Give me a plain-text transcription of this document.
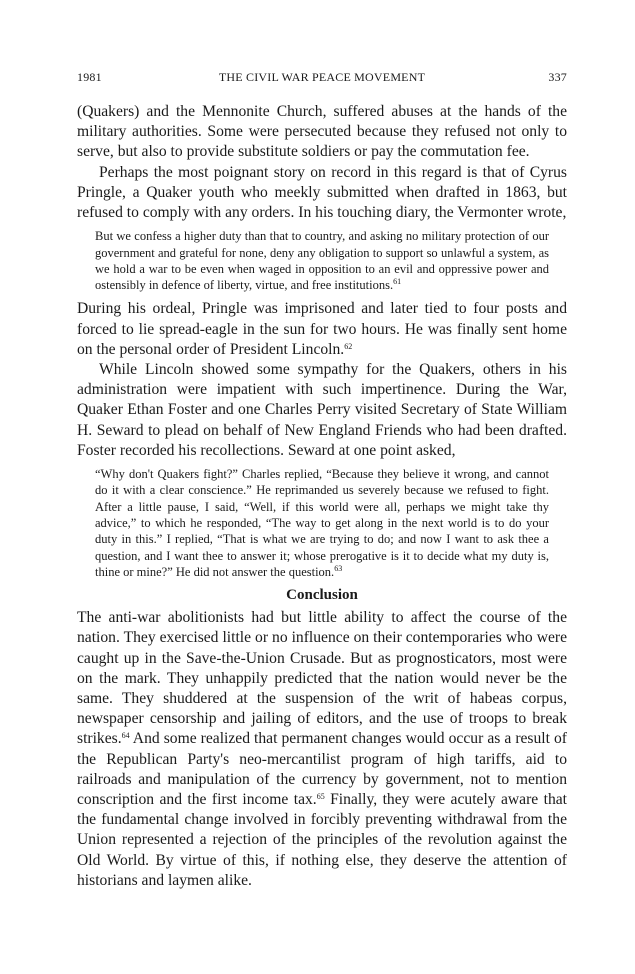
1981	THE CIVIL WAR PEACE MOVEMENT	337

(Quakers) and the Mennonite Church, suffered abuses at the hands of the military authorities. Some were persecuted because they refused not only to serve, but also to provide substitute soldiers or pay the commutation fee.

Perhaps the most poignant story on record in this regard is that of Cyrus Pringle, a Quaker youth who meekly submitted when drafted in 1863, but refused to comply with any orders. In his touching diary, the Vermonter wrote,

But we confess a higher duty than that to country, and asking no military protection of our government and grateful for none, deny any obligation to support so unlawful a system, as we hold a war to be even when waged in opposition to an evil and oppressive power and ostensibly in defence of liberty, virtue, and free institutions.$^{61}$

During his ordeal, Pringle was imprisoned and later tied to four posts and forced to lie spread-eagle in the sun for two hours. He was finally sent home on the personal order of President Lincoln.$^{62}$

While Lincoln showed some sympathy for the Quakers, others in his administration were impatient with such impertinence. During the War, Quaker Ethan Foster and one Charles Perry visited Secretary of State William H. Seward to plead on behalf of New England Friends who had been drafted. Foster recorded his recollections. Seward at one point asked,

“Why don't Quakers fight?” Charles replied, “Because they believe it wrong, and cannot do it with a clear conscience.” He reprimanded us severely because we refused to fight. After a little pause, I said, “Well, if this world were all, perhaps we might take thy advice,” to which he responded, “The way to get along in the next world is to do your duty in this.” I replied, “That is what we are trying to do; and now I want to ask thee a question, and I want thee to answer it; whose prerogative is it to decide what my duty is, thine or mine?” He did not answer the question.$^{63}$

Conclusion

The anti-war abolitionists had but little ability to affect the course of the nation. They exercised little or no influence on their contemporaries who were caught up in the Save-the-Union Crusade. But as prognosticators, most were on the mark. They unhappily predicted that the nation would never be the same. They shuddered at the suspension of the writ of habeas corpus, newspaper censorship and jailing of editors, and the use of troops to break strikes.$^{64}$ And some realized that permanent changes would occur as a result of the Republican Party's neo-mercantilist program of high tariffs, aid to railroads and manipulation of the currency by government, not to mention conscription and the first income tax.$^{65}$ Finally, they were acutely aware that the fundamental change involved in forcibly preventing withdrawal from the Union represented a rejection of the principles of the revolution against the Old World. By virtue of this, if nothing else, they deserve the attention of historians and laymen alike.
